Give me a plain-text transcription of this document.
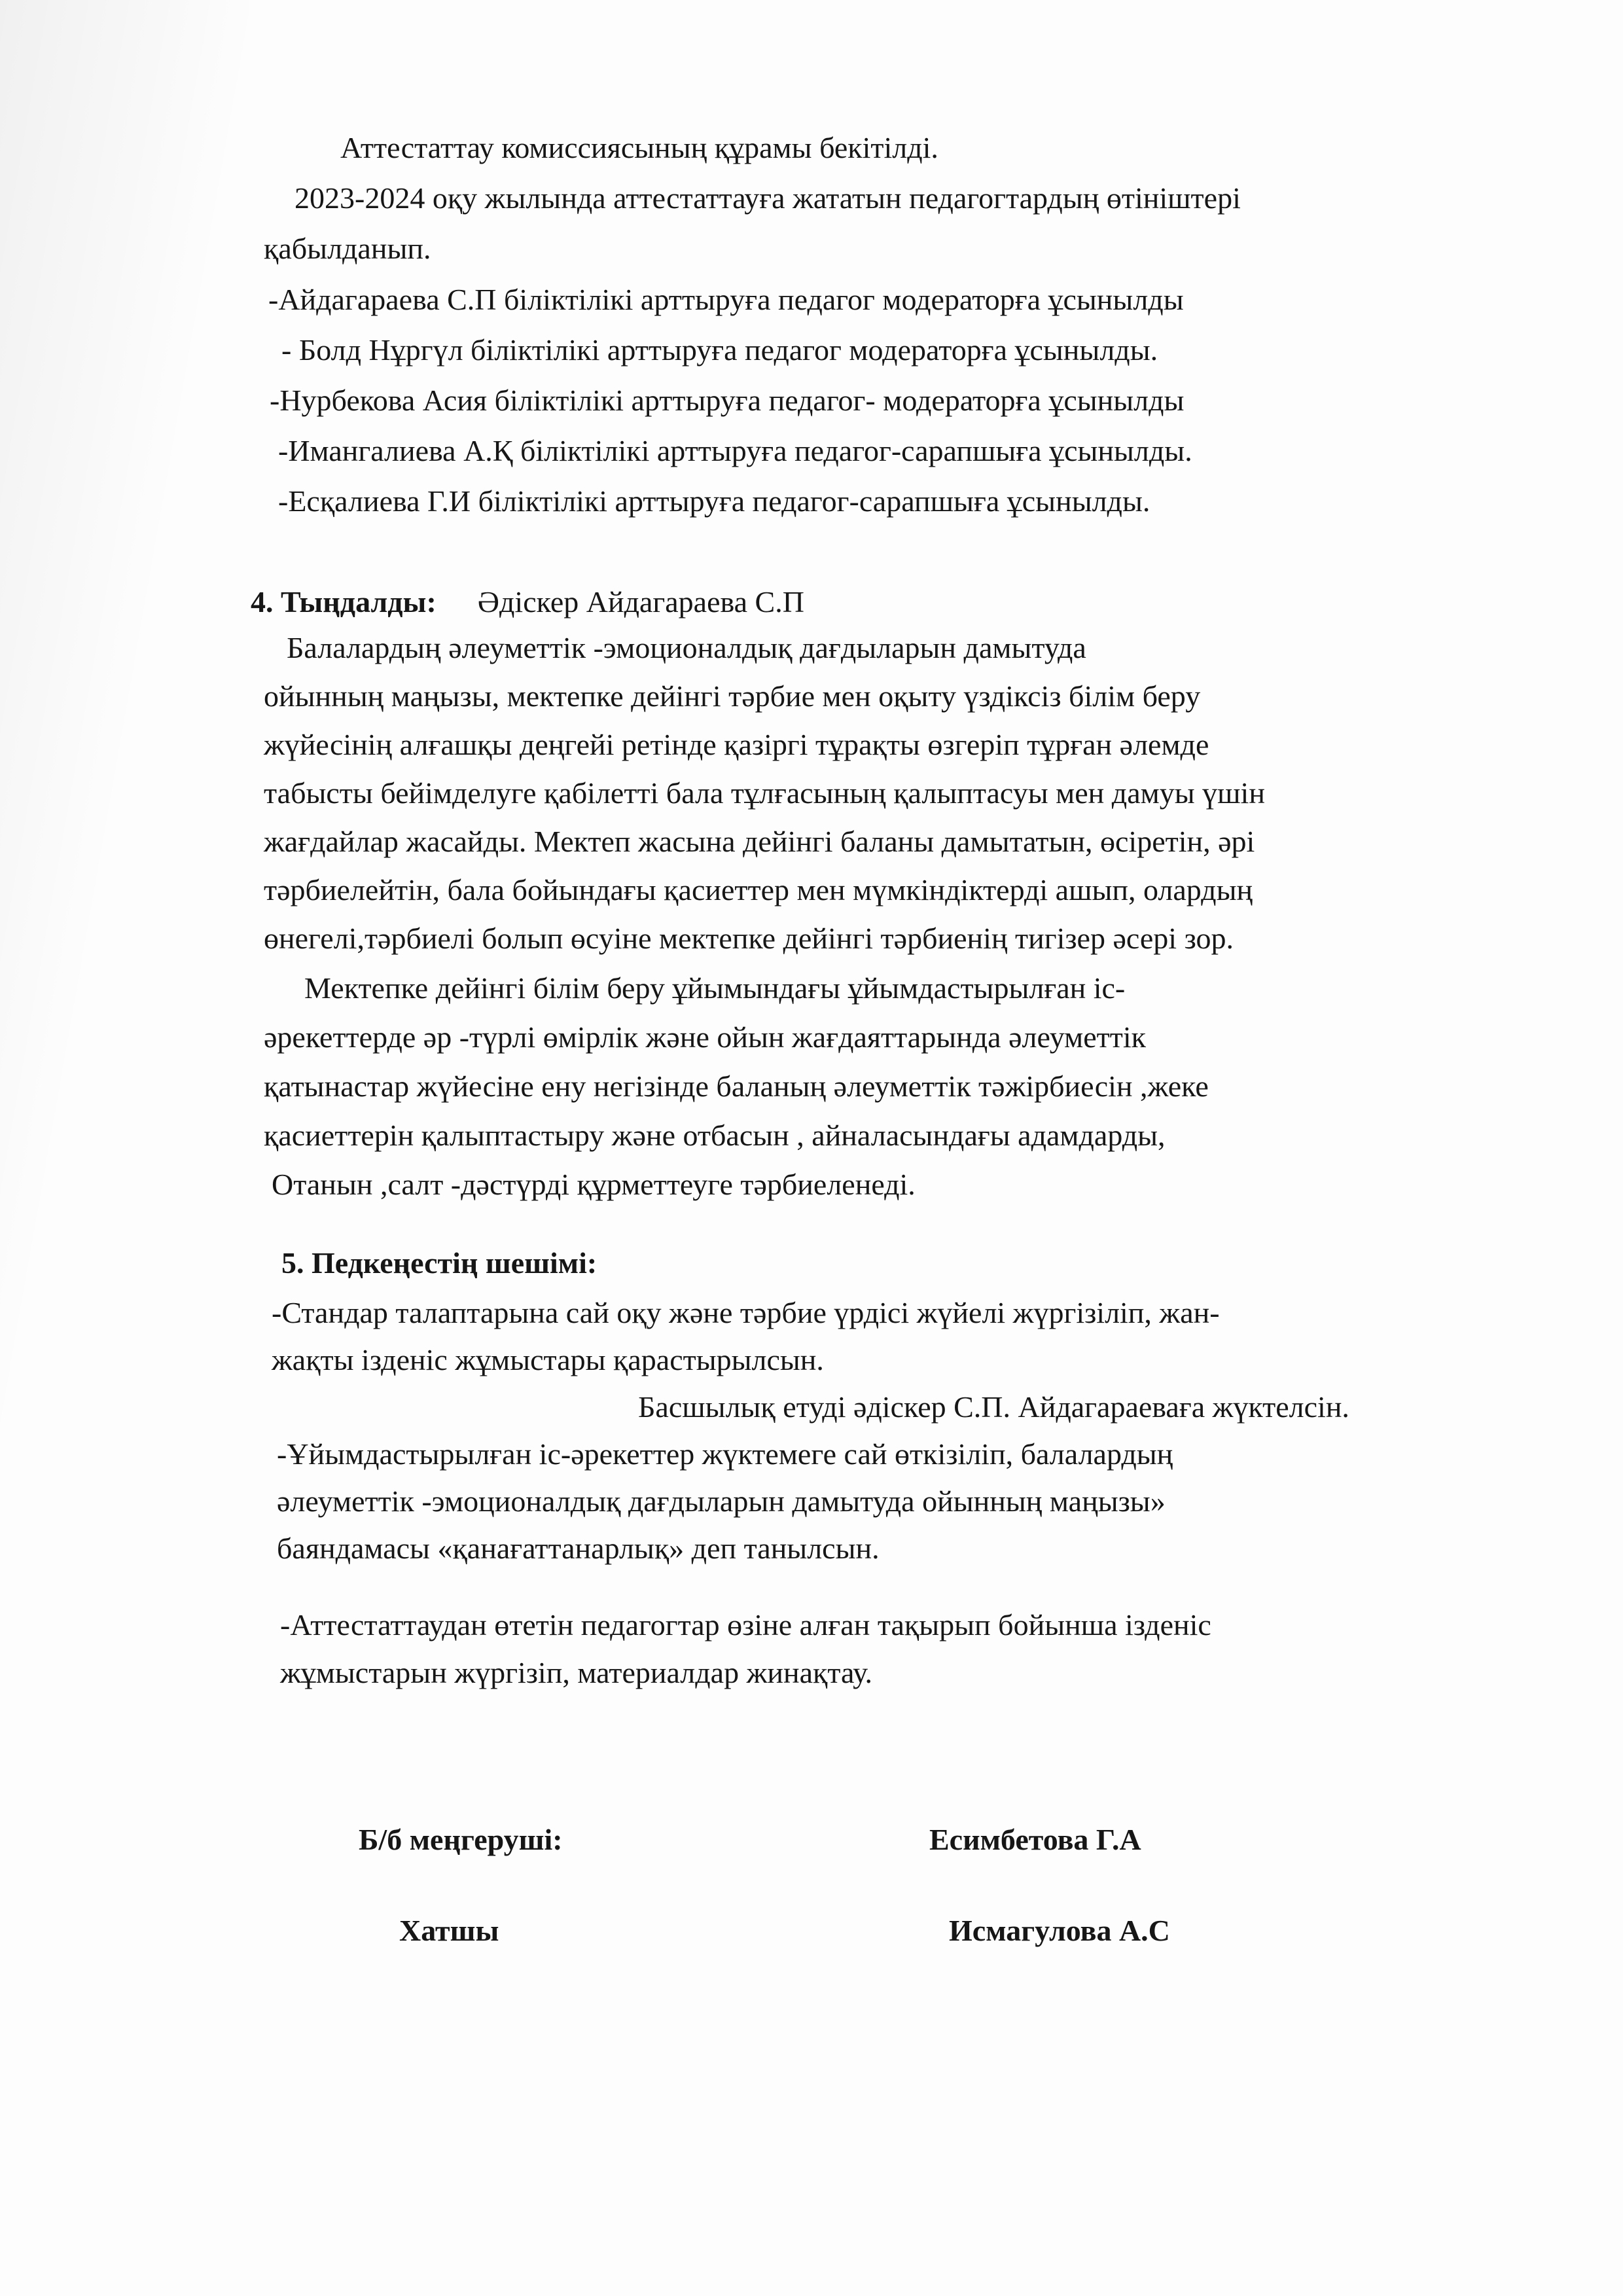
Аттестаттау комиссиясының құрамы бекітілді.
2023-2024 оқу жылында аттестаттауға жататын педагогтардың өтініштері
қабылданып.
-Айдагараева С.П біліктілікі арттыруға педагог модераторға ұсынылды
- Болд Нұргүл біліктілікі арттыруға педагог модераторға ұсынылды.
-Нурбекова Асия біліктілікі арттыруға педагог- модераторға ұсынылды
-Имангалиева А.Қ біліктілікі арттыруға педагог-сарапшыға ұсынылды.
-Есқалиева Г.И біліктілікі арттыруға педагог-сарапшыға ұсынылды.
4. Тыңдалды: Әдіскер Айдагараева С.П
Балалардың әлеуметтік -эмоционалдық дағдыларын дамытуда
ойынның маңызы, мектепке дейінгі тәрбие мен оқыту үздіксіз білім беру
жүйесінің алғашқы деңгейі ретінде қазіргі тұрақты өзгеріп тұрған әлемде
табысты бейімделуге қабілетті бала тұлғасының қалыптасуы мен дамуы үшін
жағдайлар жасайды. Мектеп жасына дейінгі баланы дамытатын, өсіретін, әрі
тәрбиелейтін, бала бойындағы қасиеттер мен мүмкіндіктерді ашып, олардың
өнегелі,тәрбиелі болып өсуіне мектепке дейінгі тәрбиенің тигізер әсері зор.
Мектепке дейінгі білім беру ұйымындағы ұйымдастырылған іс-
әрекеттерде әр -түрлі өмірлік және ойын жағдаяттарында әлеуметтік
қатынастар жүйесіне ену негізінде баланың әлеуметтік тәжірбиесін ,жеке
қасиеттерін қалыптастыру және отбасын , айналасындағы адамдарды,
Отанын ,салт -дәстүрді құрметтеуге тәрбиеленеді.
5. Педкеңестің шешімі:
-Стандар талаптарына сай оқу және тәрбие үрдісі жүйелі жүргізіліп, жан-
жақты ізденіс жұмыстары қарастырылсын.
Басшылық етуді әдіскер С.П. Айдагараеваға жүктелсін.
-Ұйымдастырылған іс-әрекеттер жүктемеге сай өткізіліп, балалардың
әлеуметтік -эмоционалдық дағдыларын дамытуда ойынның маңызы»
баяндамасы «қанағаттанарлық» деп танылсын.
-Аттестаттаудан өтетін педагогтар өзіне алған тақырып бойынша ізденіс
жұмыстарын жүргізіп, материалдар жинақтау.
Б/б меңгеруші:	Есимбетова Г.А
Хатшы	Исмагулова А.С
